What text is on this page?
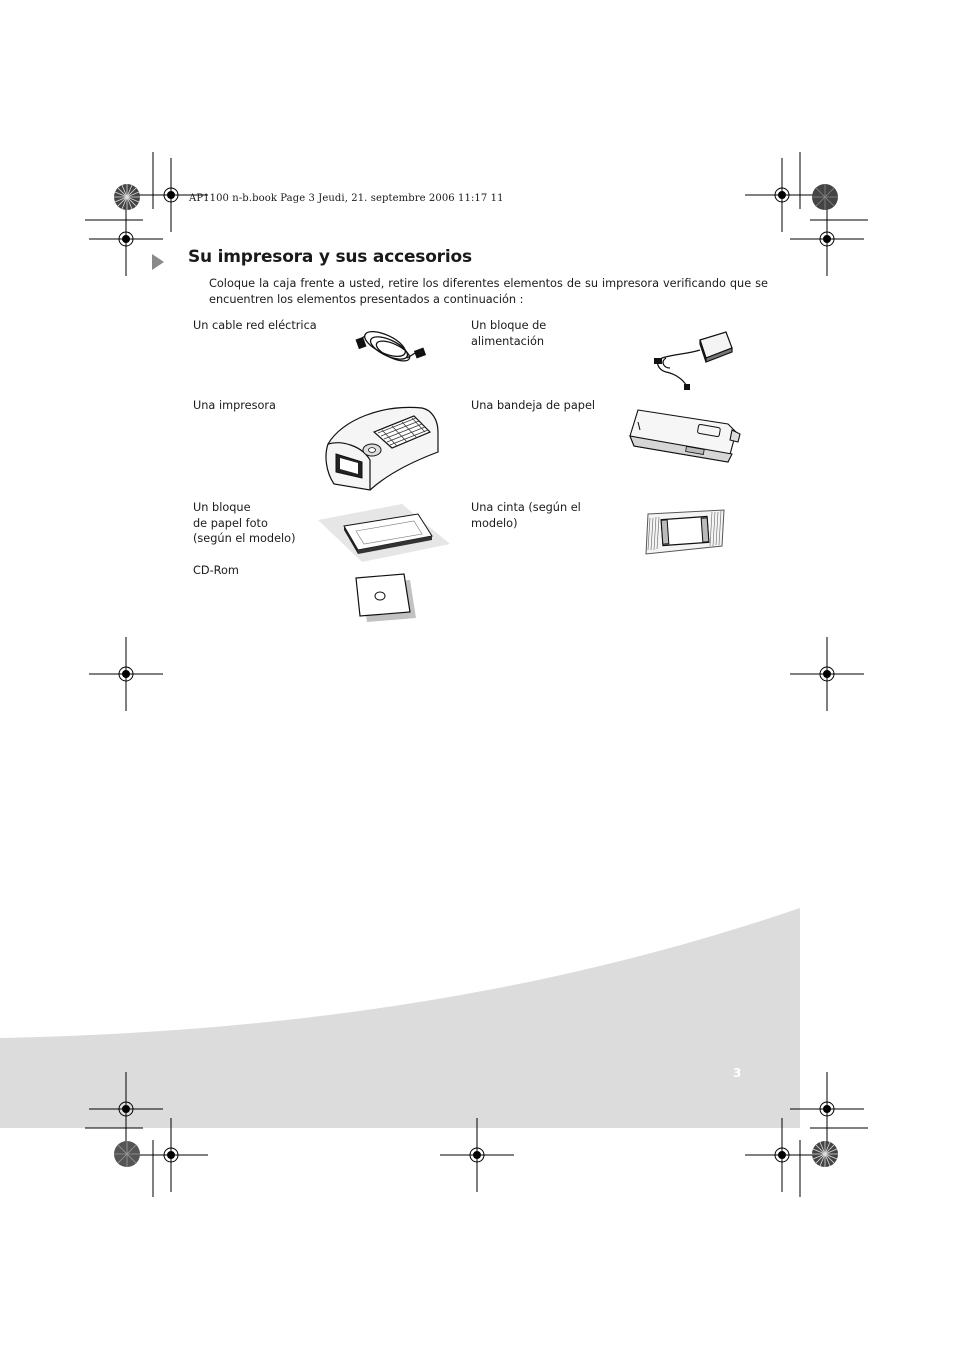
AP1100 n-b.book Page 3 Jeudi, 21. septembre 2006 11:17 11
Su impresora y sus accesorios
Coloque la caja frente a usted, retire los diferentes elementos de su impresora verificando que se encuentren los elementos presentados a continuación :
Un cable red eléctrica	Un bloque de
alimentación
Una impresora	Una bandeja de papel
Un bloque
de papel foto
(según el modelo)
Una cinta (según el
modelo)
CD-Rom
3
